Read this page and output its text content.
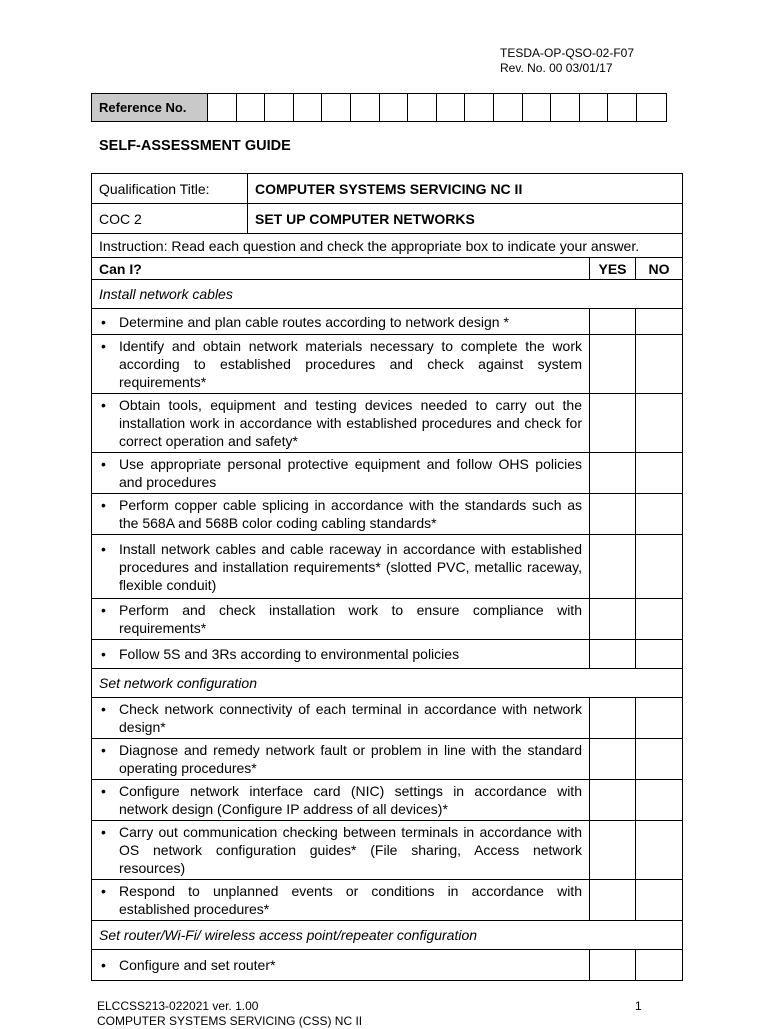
TESDA-OP-QSO-02-F07
Rev. No. 00 03/01/17
Reference No.
SELF-ASSESSMENT GUIDE
Qualification Title:	COMPUTER SYSTEMS SERVICING NC II		
COC 2	SET UP COMPUTER NETWORKS		
Instruction: Read each question and check the appropriate box to indicate your answer.			
Can I?		YES	NO
Install network cables			

• Determine and plan cable routes according to network design *			

• Identify and obtain network materials necessary to complete the work according to established procedures and check against system requirements*			

• Obtain tools, equipment and testing devices needed to carry out the installation work in accordance with established procedures and check for correct operation and safety*			

• Use appropriate personal protective equipment and follow OHS policies and procedures			

• Perform copper cable splicing in accordance with the standards such as the 568A and 568B color coding cabling standards*			

• Install network cables and cable raceway in accordance with established procedures and installation requirements* (slotted PVC, metallic raceway, flexible conduit)			

• Perform and check installation work to ensure compliance with requirements*			

• Follow 5S and 3Rs according to environmental policies			

Set network configuration			

• Check network connectivity of each terminal in accordance with network design*			

• Diagnose and remedy network fault or problem in line with the standard operating procedures*			

• Configure network interface card (NIC) settings in accordance with network design (Configure IP address of all devices)*			

• Carry out communication checking between terminals in accordance with OS network configuration guides* (File sharing, Access network resources)			

• Respond to unplanned events or conditions in accordance with established procedures*			

Set router/Wi-Fi/ wireless access point/repeater configuration			

• Configure and set router*			

ELCCSS213-022021 ver. 1.00
COMPUTER SYSTEMS SERVICING (CSS) NC II
1
